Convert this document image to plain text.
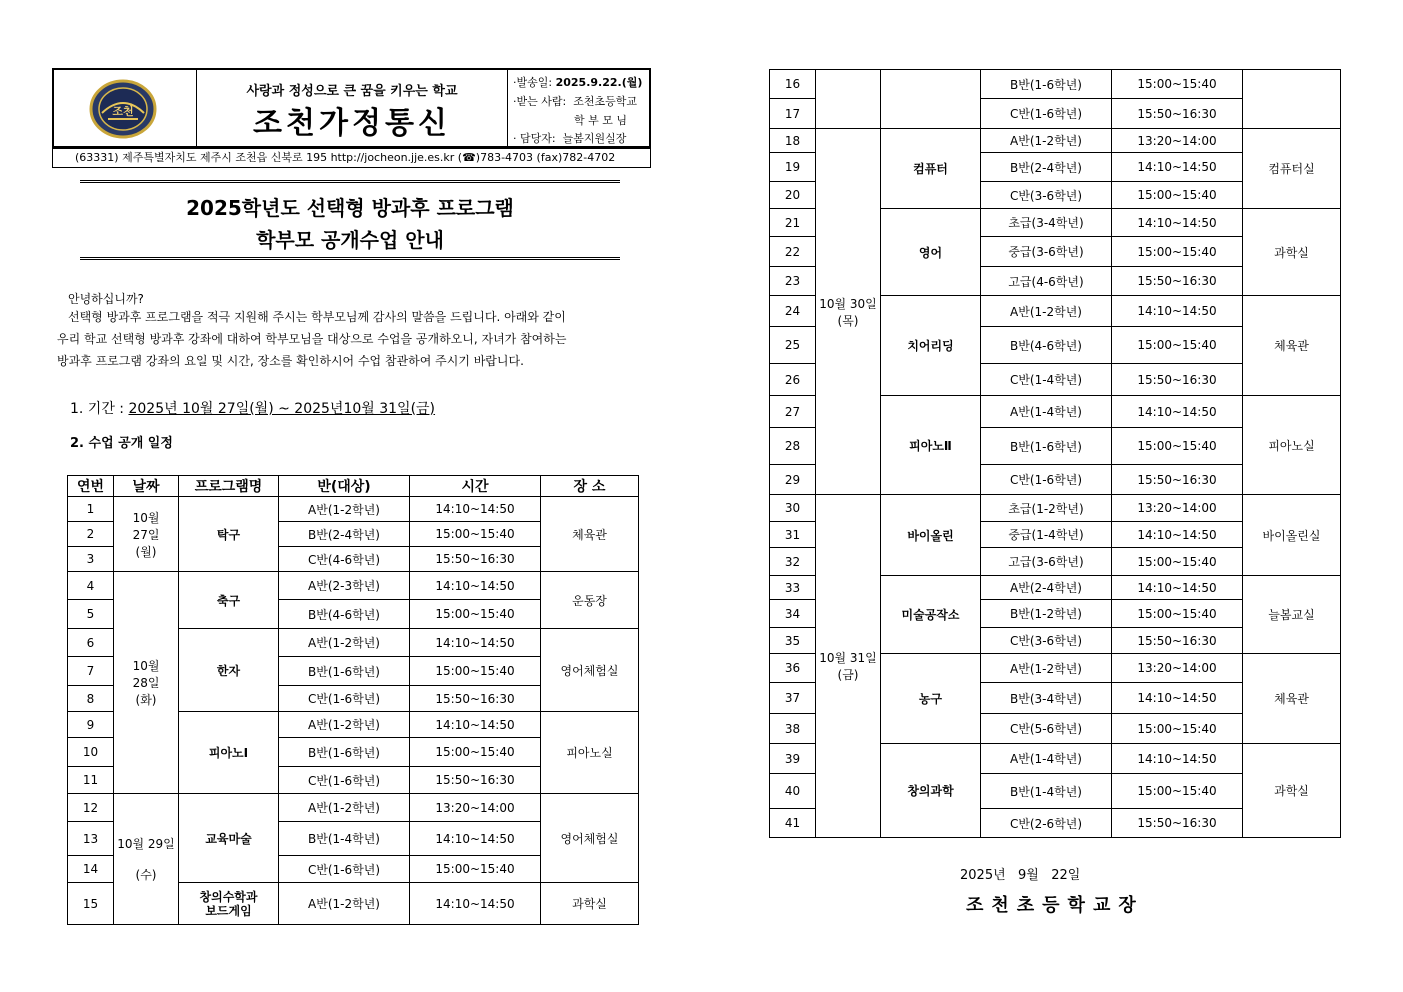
조천
사랑과 정성으로 큰 꿈을 키우는 학교
조천가정통신
·발송일: 2025.9.22.(월)
·받는 사람: 조천초등학교
학 부 모 님
· 담당자: 늘봄지원실장
(63331) 제주특별자치도 제주시 조천읍 신북로 195 http://jocheon.jje.es.kr (☎)783-4703 (fax)782-4702
2025학년도 선택형 방과후 프로그램
학부모 공개수업 안내
안녕하십니까?
선택형 방과후 프로그램을 적극 지원해 주시는 학부모님께 감사의 말씀을 드립니다. 아래와 같이
우리 학교 선택형 방과후 강좌에 대하여 학부모님을 대상으로 수업을 공개하오니, 자녀가 참여하는
방과후 프로그램 강좌의 요일 및 시간, 장소를 확인하시어 수업 참관하여 주시기 바랍니다.
1. 기간 : 2025년 10월 27일(월) ~ 2025년10월 31일(금)
2. 수업 공개 일정
연번	날짜	프로그램명	반(대상)	시간	장 소
1	10월
27일
(월)	탁구	A반(1-2학년)	14:10~14:50	체육관
2			B반(2-4학년)	15:00~15:40	
3			C반(4-6학년)	15:50~16:30	
4	10월
28일
(화)	축구	A반(2-3학년)	14:10~14:50	운동장
5			B반(4-6학년)	15:00~15:40	
6		한자	A반(1-2학년)	14:10~14:50	영어체험실
7			B반(1-6학년)	15:00~15:40	
8			C반(1-6학년)	15:50~16:30	
9		피아노Ⅰ	A반(1-2학년)	14:10~14:50	피아노실
10			B반(1-6학년)	15:00~15:40	
11			C반(1-6학년)	15:50~16:30	
12	10월 29일

(수)	교육마술	A반(1-2학년)	13:20~14:00	영어체험실
13			B반(1-4학년)	14:10~14:50	
14			C반(1-6학년)	15:00~15:40	
15		창의수학과
보드게임	A반(1-2학년)	14:10~14:50	과학실
16			B반(1-6학년)	15:00~15:40	
17			C반(1-6학년)	15:50~16:30	
18	10월 30일
(목)	컴퓨터	A반(1-2학년)	13:20~14:00	컴퓨터실
19			B반(2-4학년)	14:10~14:50	
20			C반(3-6학년)	15:00~15:40	
21		영어	초급(3-4학년)	14:10~14:50	과학실
22			중급(3-6학년)	15:00~15:40	
23			고급(4-6학년)	15:50~16:30	
24		치어리딩	A반(1-2학년)	14:10~14:50	체육관
25			B반(4-6학년)	15:00~15:40	
26			C반(1-4학년)	15:50~16:30	
27		피아노Ⅱ	A반(1-4학년)	14:10~14:50	피아노실
28			B반(1-6학년)	15:00~15:40	
29			C반(1-6학년)	15:50~16:30	
30	10월 31일
(금)	바이올린	초급(1-2학년)	13:20~14:00	바이올린실
31			중급(1-4학년)	14:10~14:50	
32			고급(3-6학년)	15:00~15:40	
33		미술공작소	A반(2-4학년)	14:10~14:50	늘봄교실
34			B반(1-2학년)	15:00~15:40	
35			C반(3-6학년)	15:50~16:30	
36		농구	A반(1-2학년)	13:20~14:00	체육관
37			B반(3-4학년)	14:10~14:50	
38			C반(5-6학년)	15:00~15:40	
39		창의과학	A반(1-4학년)	14:10~14:50	과학실
40			B반(1-4학년)	15:00~15:40	
41			C반(2-6학년)	15:50~16:30	
2025년   9월   22일
조천초등학교장
